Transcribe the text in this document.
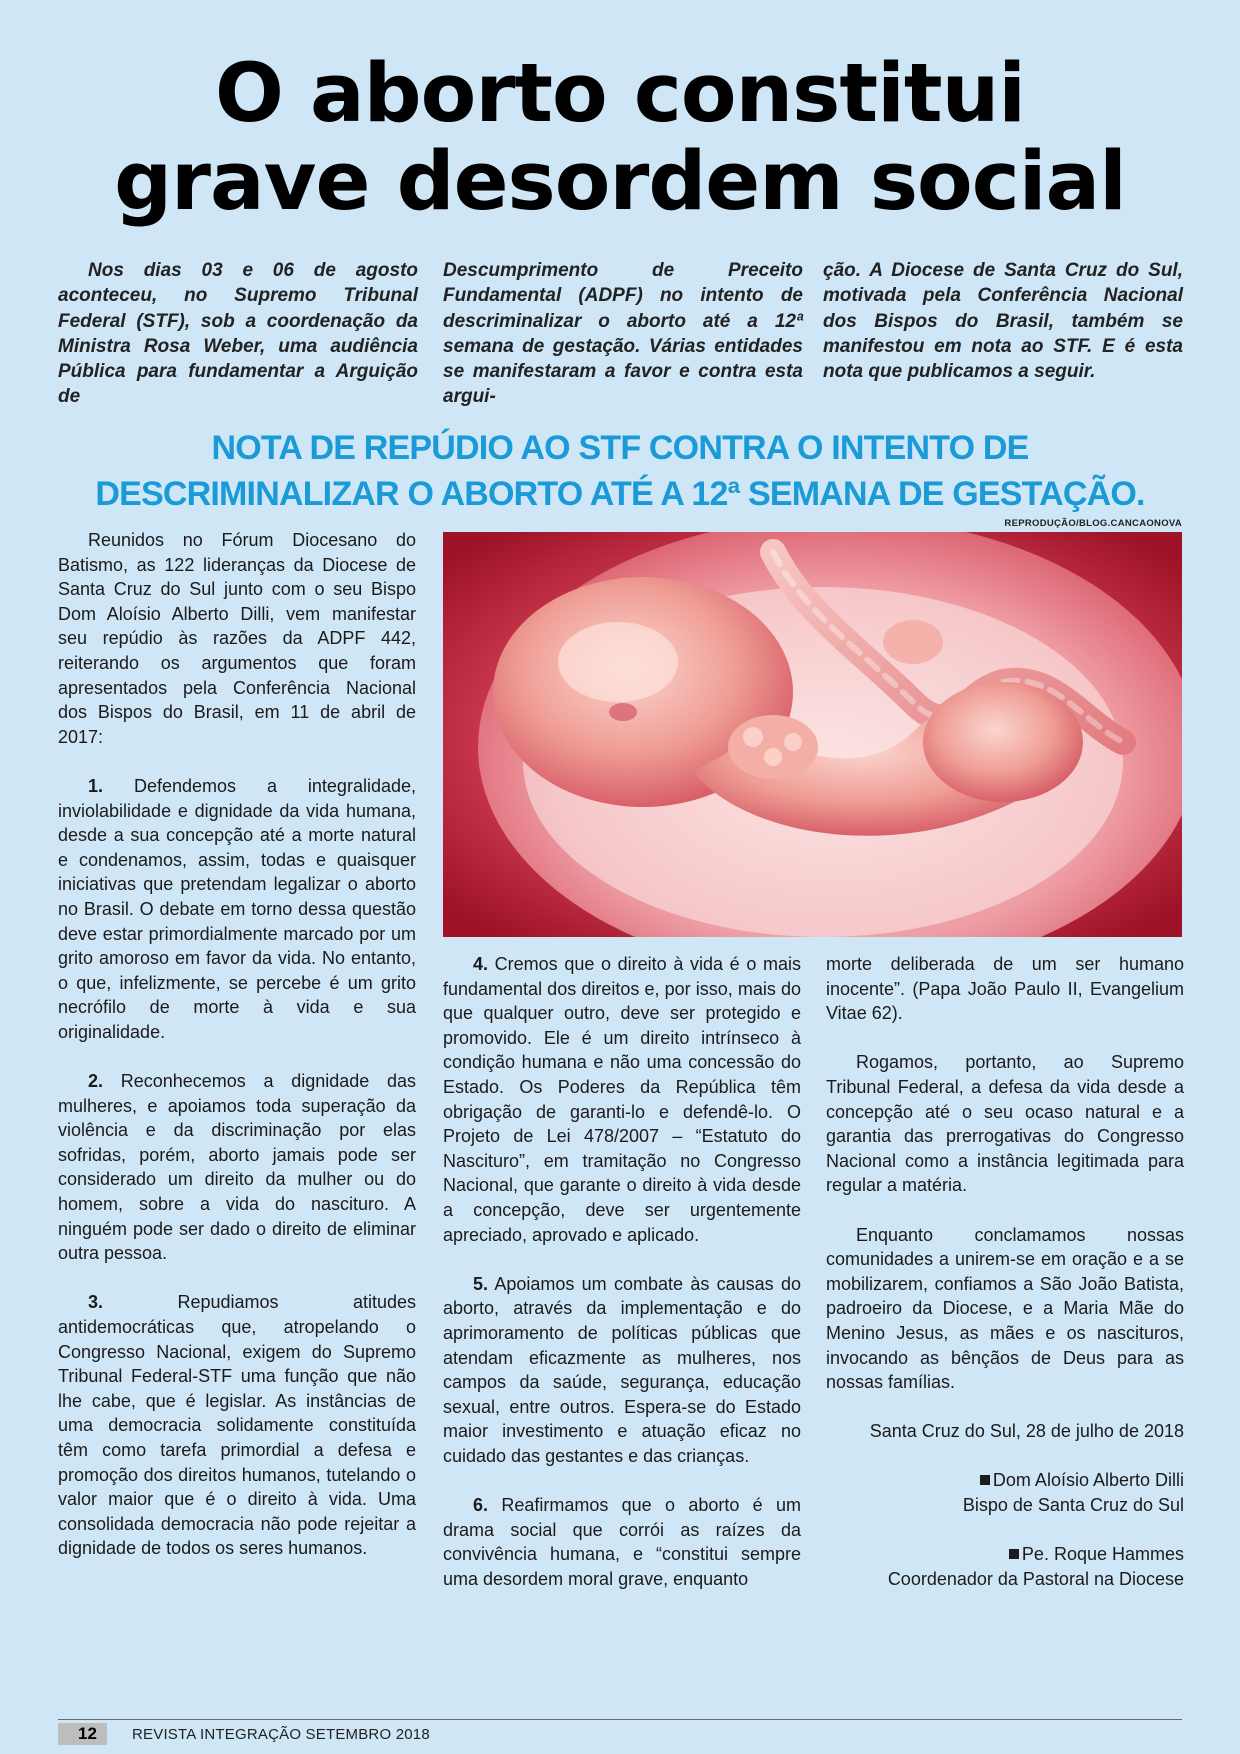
O aborto constitui
grave desordem social
Nos dias 03 e 06 de agosto aconteceu, no Supremo Tribunal Federal (STF), sob a coordenação da Ministra Rosa Weber, uma audiência Pública para fundamentar a Arguição de
Descumprimento de Preceito Fundamental (ADPF) no intento de descriminalizar o aborto até a 12ª semana de gestação. Várias entidades se manifestaram a favor e contra esta argui-
ção. A Diocese de Santa Cruz do Sul, motivada pela Conferência Nacional dos Bispos do Brasil, também se manifestou em nota ao STF. E é esta nota que publicamos a seguir.
NOTA DE REPÚDIO AO STF CONTRA O INTENTO DE
DESCRIMINALIZAR O ABORTO ATÉ A 12ª SEMANA DE GESTAÇÃO.
REPRODUÇÃO/BLOG.CANCAONOVA

Reunidos no Fórum Diocesano do Batismo, as 122 lideranças da Diocese de Santa Cruz do Sul junto com o seu Bispo Dom Aloísio Alberto Dilli, vem manifestar seu repúdio às razões da ADPF 442, reiterando os argumentos que foram apresentados pela Conferência Nacional dos Bispos do Brasil, em 11 de abril de 2017:

1. Defendemos a integralidade, inviolabilidade e dignidade da vida humana, desde a sua concepção até a morte natural e condenamos, assim, todas e quaisquer iniciativas que pretendam legalizar o aborto no Brasil. O debate em torno dessa questão deve estar primordialmente marcado por um grito amoroso em favor da vida. No entanto, o que, infelizmente, se percebe é um grito necrófilo de morte à vida e sua originalidade.

2. Reconhecemos a dignidade das mulheres, e apoiamos toda superação da violência e da discriminação por elas sofridas, porém, aborto jamais pode ser considerado um direito da mulher ou do homem, sobre a vida do nascituro. A ninguém pode ser dado o direito de eliminar outra pessoa.

3.	Repudiamos atitudes antidemocráticas que, atropelando o Congresso Nacional, exigem do Supremo Tribunal Federal-STF uma função que não lhe cabe, que é legislar. As instâncias de uma democracia solidamente constituída têm como tarefa primordial a defesa e promoção dos direitos humanos, tutelando o valor maior que é o direito à vida. Uma consolidada democracia não pode rejeitar a dignidade de todos os seres humanos.

4. Cremos que o direito à vida é o mais fundamental dos direitos e, por isso, mais do que qualquer outro, deve ser protegido e promovido. Ele é um direito intrínseco à condição humana e não uma concessão do Estado. Os Poderes da República têm obrigação de garanti-lo e defendê-lo. O Projeto de Lei 478/2007 – “Estatuto do Nascituro”, em tramitação no Congresso Nacional, que garante o direito à vida desde a concepção, deve ser urgentemente apreciado, aprovado e aplicado.

5. Apoiamos um combate às causas do aborto, através da implementação e do aprimoramento de políticas públicas que atendam eficazmente as mulheres, nos campos da saúde, segurança, educação sexual, entre outros. Espera-se do Estado maior investimento e atuação eficaz no cuidado das gestantes e das crianças.

6. Reafirmamos que o aborto é um drama social que corrói as raízes da convivência humana, e “constitui sempre uma desordem moral grave, enquanto

morte deliberada de um ser humano inocente”. (Papa João Paulo II, Evangelium Vitae 62).

Rogamos, portanto, ao Supremo Tribunal Federal, a defesa da vida desde a concepção até o seu ocaso natural e a garantia das prerrogativas do Congresso Nacional como a instância legitimada para regular a matéria.

Enquanto conclamamos nossas comunidades a unirem-se em oração e a se mobilizarem, confiamos a São João Batista, padroeiro da Diocese, e a Maria Mãe do Menino Jesus, as mães e os nascituros, invocando as bênçãos de Deus para as nossas famílias.

Santa Cruz do Sul, 28 de julho de 2018

Dom Aloísio Alberto Dilli

Bispo de Santa Cruz do Sul

Pe. Roque Hammes

Coordenador da Pastoral na Diocese

12	REVISTA INTEGRAÇÃO SETEMBRO 2018
